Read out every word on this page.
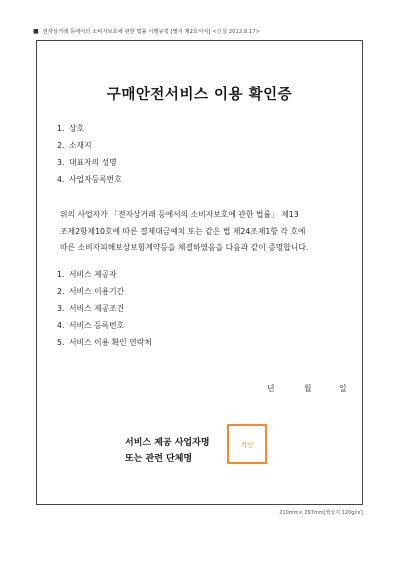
■ 전자상거래 등에서의 소비자보호에 관한 법률 시행규칙 [별지 제2호서식] <신설 2012.8.17>
구매안전서비스 이용 확인증
1. 상호
2. 소재지
3. 대표자의 성명
4. 사업자등록번호

위의 사업자가 「전자상거래 등에서의 소비자보호에 관한 법률」 제13
조제2항제10호에 따른 결제대금예치 또는 같은 법 제24조제1항 각 호에
따른 소비자피해보상보험계약등을 체결하였음을 다음과 같이 증명합니다.

1. 서비스 제공자
2. 서비스 이용기간
3. 서비스 제공조건
4. 서비스 등록번호
5. 서비스 이용 확인 연락처
년	월	일
서비스 제공 사업자명
또는 관련 단체명
직인
210mm× 297mm[백상지 120g/㎡]
